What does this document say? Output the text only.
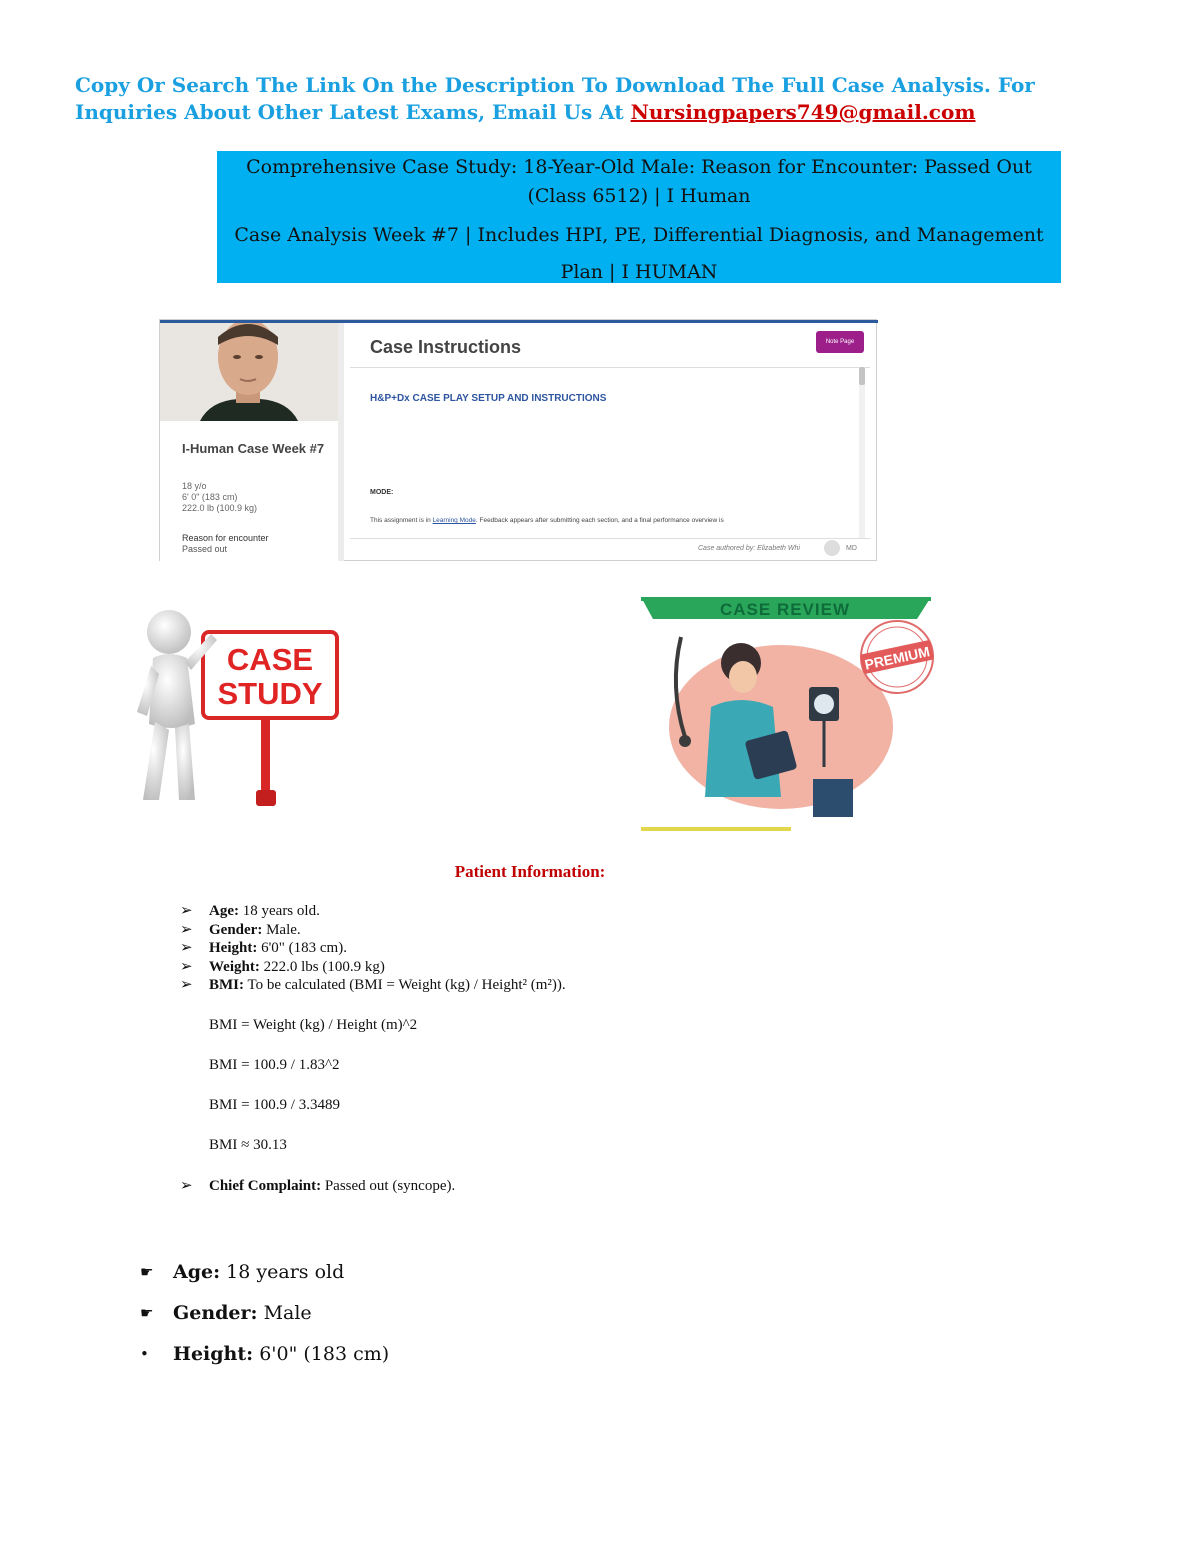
Copy Or Search The Link On the Description To Download The Full Case Analysis. For
Inquiries About Other Latest Exams, Email Us At Nursingpapers749@gmail.com

Comprehensive Case Study: 18-Year-Old Male: Reason for Encounter: Passed Out (Class 6512) | I Human

Case Analysis Week #7 | Includes HPI, PE, Differential Diagnosis, and Management Plan | I HUMAN

I-Human Case Week #7
18 y/o
6' 0" (183 cm)
222.0 lb (100.9 kg)
Reason for encounter
Passed out
Case Instructions	Note Page
H&P+Dx CASE PLAY SETUP AND INSTRUCTIONS
MODE:
This assignment is in Learning Mode. Feedback appears after submitting each section, and a final performance overview is
Case authored by: Elizabeth Whi	MD
CASE
STUDY
CASE REVIEW
PREMIUM
Patient Information:
➢ Age: 18 years old.
➢ Gender: Male.
➢ Height: 6'0" (183 cm).
➢ Weight: 222.0 lbs (100.9 kg)
➢ BMI: To be calculated (BMI = Weight (kg) / Height² (m²)).
BMI = Weight (kg) / Height (m)^2
BMI = 100.9 / 1.83^2
BMI = 100.9 / 3.3489
BMI ≈ 30.13
➢ Chief Complaint: Passed out (syncope).
☛ Age: 18 years old
☛ Gender: Male
• Height: 6'0" (183 cm)
